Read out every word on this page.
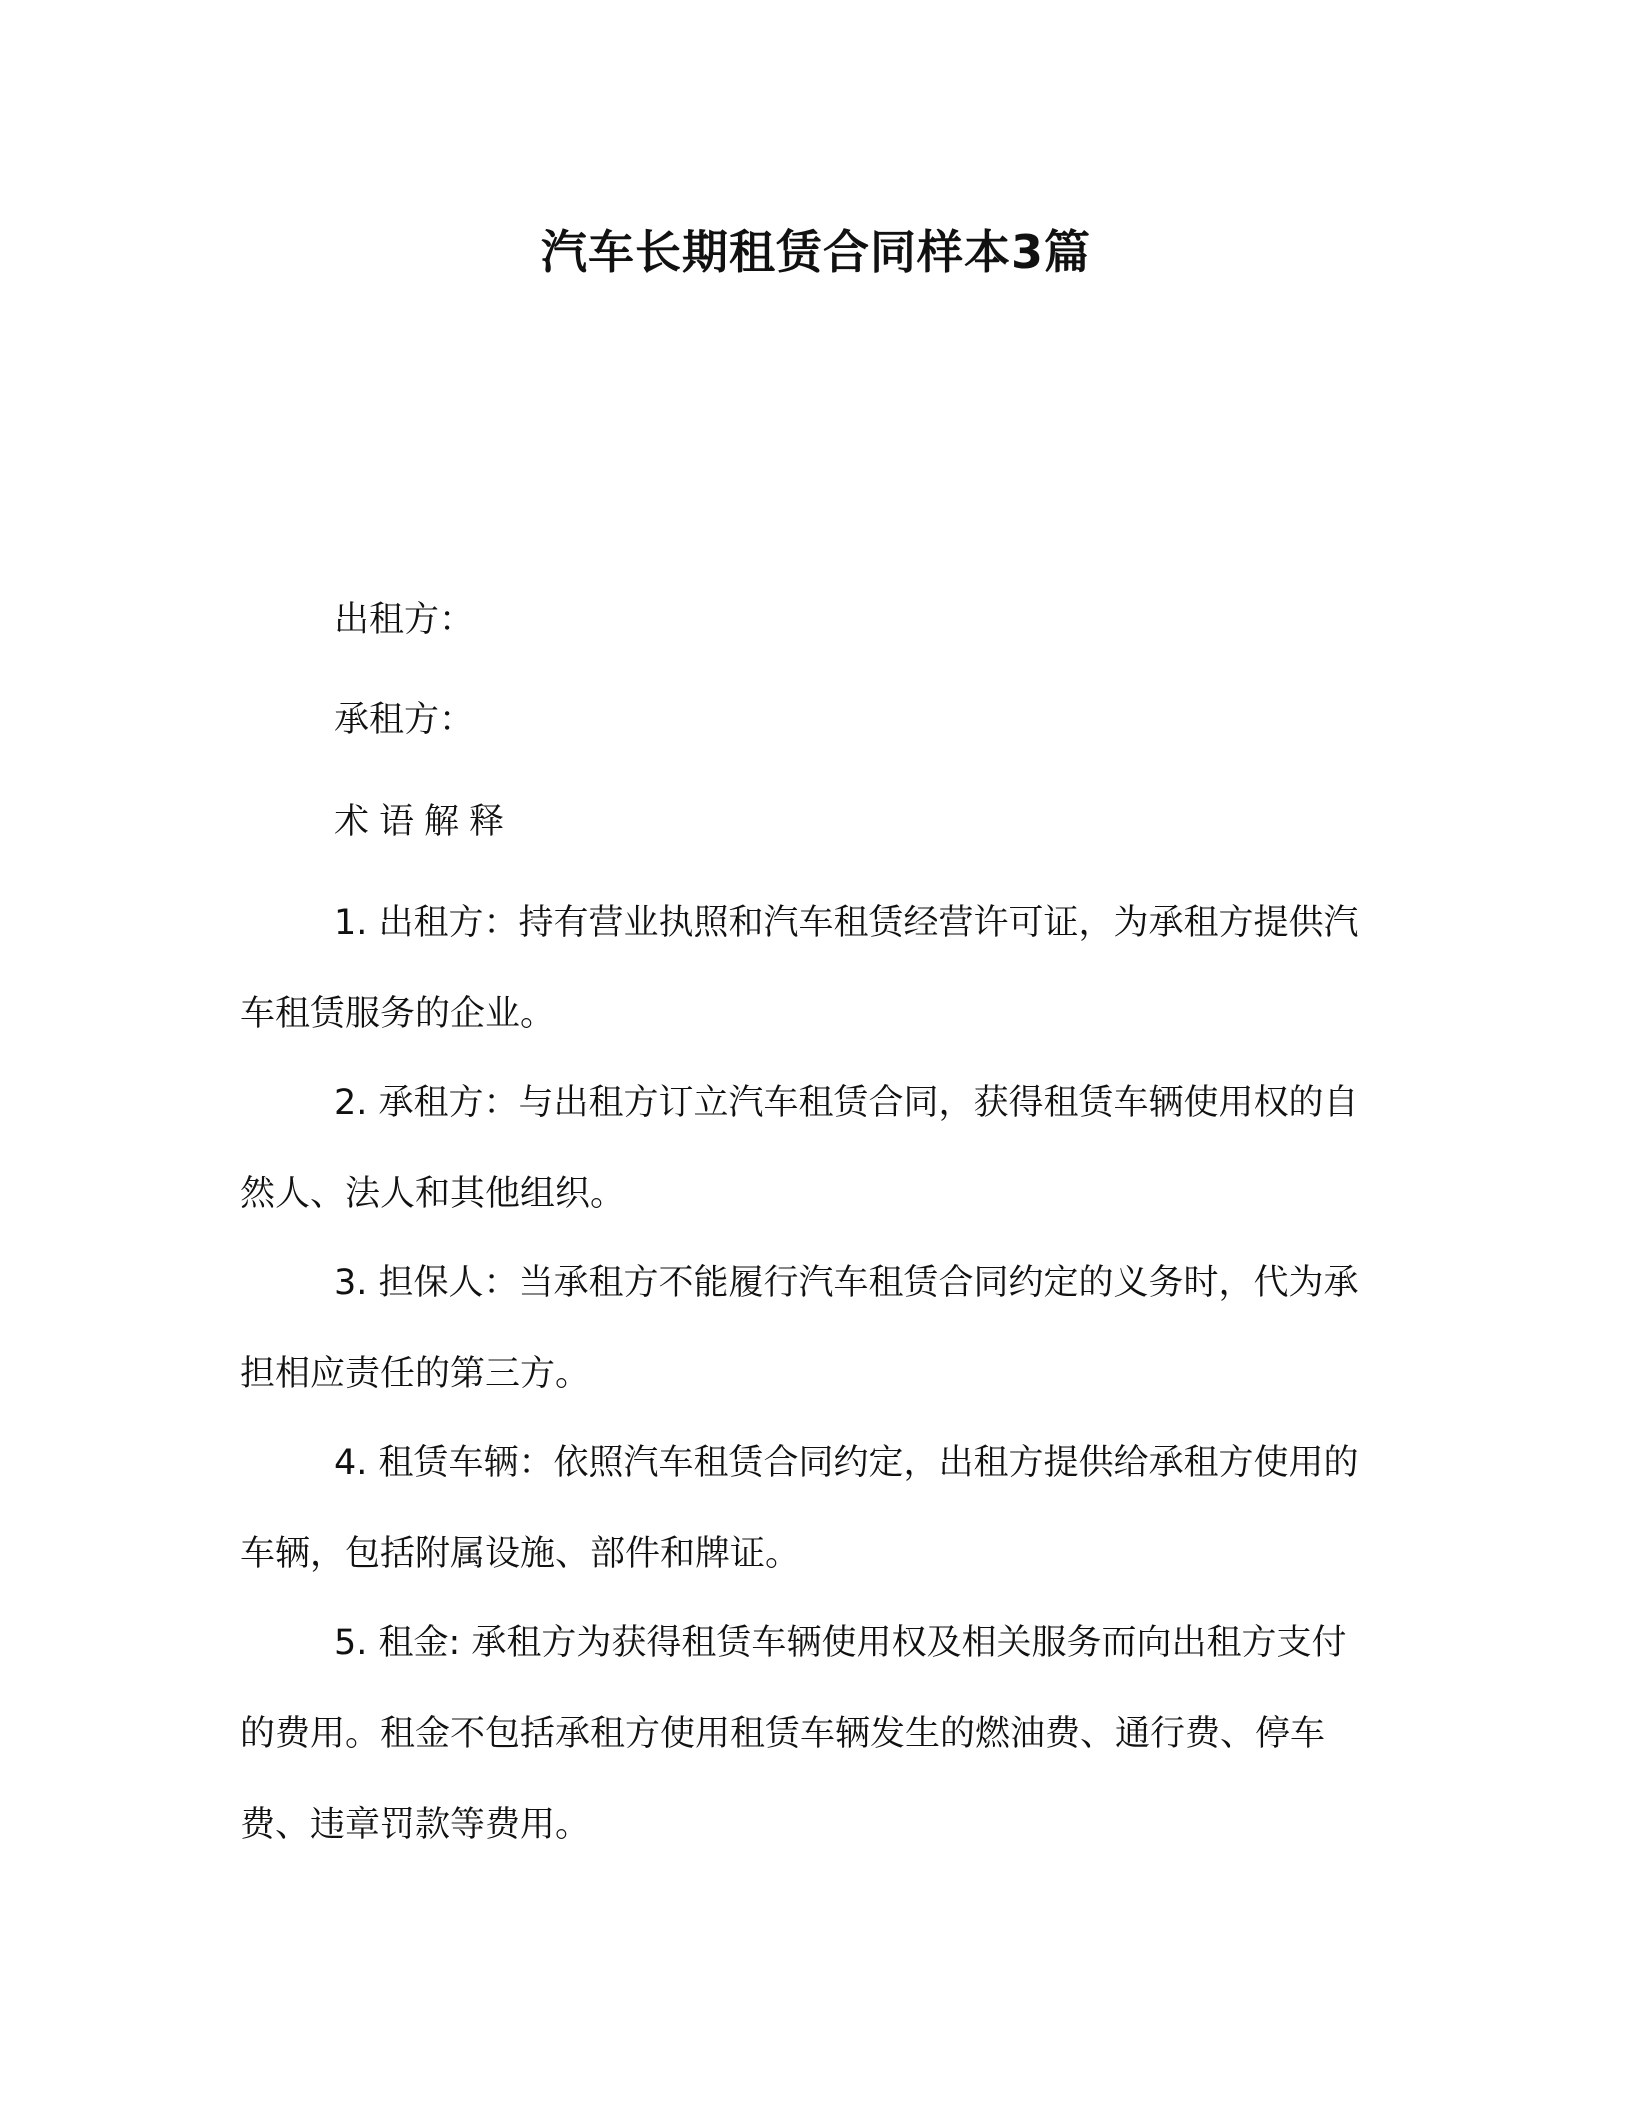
汽车长期租赁合同样本3篇
出租方：
承租方：
术语解释
1. 出租方：持有营业执照和汽车租赁经营许可证，为承租方提供汽车租赁服务的企业。
2. 承租方：与出租方订立汽车租赁合同，获得租赁车辆使用权的自然人、法人和其他组织。
3. 担保人：当承租方不能履行汽车租赁合同约定的义务时，代为承担相应责任的第三方。
4. 租赁车辆：依照汽车租赁合同约定，出租方提供给承租方使用的车辆，包括附属设施、部件和牌证。
5. 租金: 承租方为获得租赁车辆使用权及相关服务而向出租方支付的费用。租金不包括承租方使用租赁车辆发生的燃油费、通行费、停车费、违章罚款等费用。
